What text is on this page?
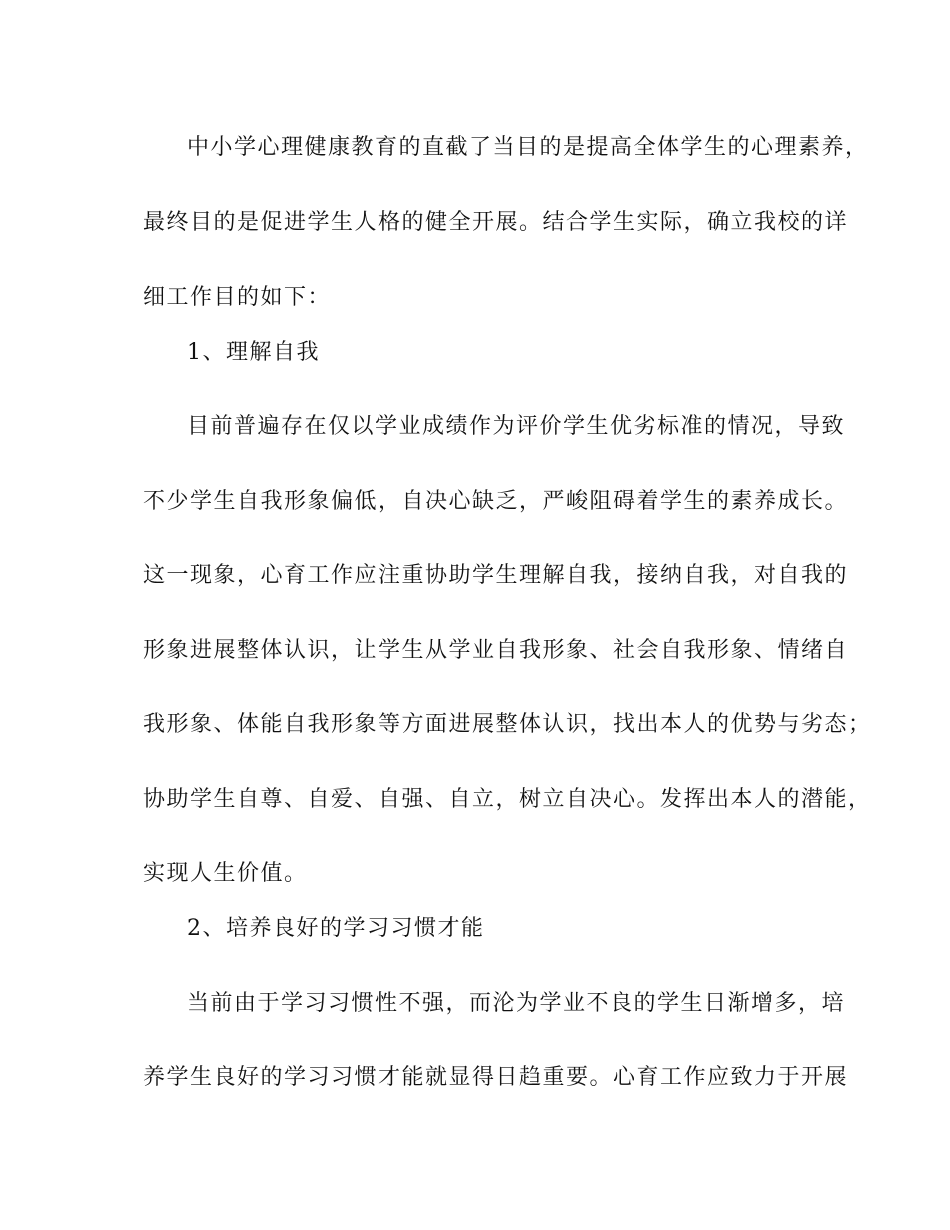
中小学心理健康教育的直截了当目的是提高全体学生的心理素养，
最终目的是促进学生人格的健全开展。结合学生实际，确立我校的详
细工作目的如下：
1、理解自我
目前普遍存在仅以学业成绩作为评价学生优劣标准的情况，导致
不少学生自我形象偏低，自决心缺乏，严峻阻碍着学生的素养成长。
这一现象，心育工作应注重协助学生理解自我，接纳自我，对自我的
形象进展整体认识，让学生从学业自我形象、社会自我形象、情绪自
我形象、体能自我形象等方面进展整体认识，找出本人的优势与劣态；
协助学生自尊、自爱、自强、自立，树立自决心。发挥出本人的潜能，
实现人生价值。
2、培养良好的学习习惯才能
当前由于学习习惯性不强，而沦为学业不良的学生日渐增多，培
养学生良好的学习习惯才能就显得日趋重要。心育工作应致力于开展
